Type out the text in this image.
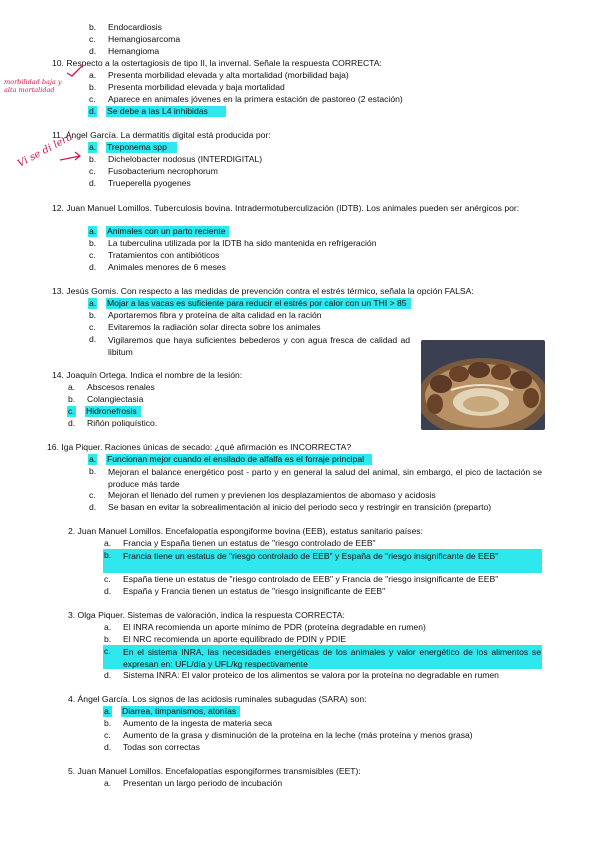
b. Endocardiosis
c. Hemangiosarcoma
d. Hemangioma
10. Respecto a la ostertagiosis de tipo II, la invernal. Señale la respuesta CORRECTA:
morbilidad baja y alta mortalidad
a. Presenta morbilidad elevada y alta mortalidad (morbilidad baja)
b. Presenta morbilidad elevada y baja mortalidad
c. Aparece en animales jóvenes en la primera estación de pastoreo (2 estación)
d. Se debe a las L4 inhibidas
11. Ángel García. La dermatitis digital está producida por:
Vi se di lera a. Treponema spp
b. Dichelobacter nodosus (INTERDIGITAL)
c. Fusobacterium necrophorum
d. Trueperella pyogenes
12. Juan Manuel Lomillos. Tuberculosis bovina. Intradermotuberculización (IDTB). Los animales pueden ser anérgicos por:
a. Animales con un parto reciente
b. La tuberculina utilizada por la IDTB ha sido mantenida en refrigeración
c. Tratamientos con antibióticos
d. Animales menores de 6 meses
13. Jesús Gomis. Con respecto a las medidas de prevención contra el estrés térmico, señala la opción FALSA:
a. Mojar a las vacas es suficiente para reducir el estrés por calor con un THI > 85
b. Aportaremos fibra y proteína de alta calidad en la ración
c. Evitaremos la radiación solar directa sobre los animales
d. Vigilaremos que haya suficientes bebederos y con agua fresca de calidad ad libitum
14. Joaquín Ortega. Indica el nombre de la lesión:
a. Abscesos renales
b. Colangiectasia
c. Hidronefrosis
d. Riñón poliquístico.
16. Iga Piquer. Raciones únicas de secado: ¿qué afirmación es INCORRECTA?
a. Funcionan mejor cuando el ensilado de alfalfa es el forraje principal
b. Mejoran el balance energético post - parto y en general la salud del animal, sin embargo, el pico de lactación se produce más tarde
c. Mejoran el llenado del rumen y previenen los desplazamientos de abomaso y acidosis
d. Se basan en evitar la sobrealimentación al inicio del periodo seco y restringir en transición (preparto)
2. Juan Manuel Lomillos. Encefalopatía espongiforme bovina (EEB), estatus sanitario países:
a. Francia y España tienen un estatus de "riesgo controlado de EEB"
b. Francia tiene un estatus de "riesgo controlado de EEB" y España de "riesgo insignificante de EEB"
c. España tiene un estatus de "riesgo controlado de EEB" y Francia de "riesgo insignificante de EEB"
d. España y Francia tienen un estatus de "riesgo insignificante de EEB"
3. Olga Piquer. Sistemas de valoración, indica la respuesta CORRECTA:
a. El INRA recomienda un aporte mínimo de PDR (proteína degradable en rumen)
b. El NRC recomienda un aporte equilibrado de PDIN y PDIE
c. En el sistema INRA, las necesidades energéticas de los animales y valor energético de los alimentos se expresan en: UFL/día y UFL/kg respectivamente
d. Sistema INRA: El valor proteico de los alimentos se valora por la proteína no degradable en rumen
4. Ángel García. Los signos de las acidosis ruminales subagudas (SARA) son:
a. Diarrea, timpanismos, atonías
b. Aumento de la ingesta de materia seca
c. Aumento de la grasa y disminución de la proteína en la leche (más proteína y menos grasa)
d. Todas son correctas
5. Juan Manuel Lomillos. Encefalopatías espongiformes transmisibles (EET):
a. Presentan un largo periodo de incubación
